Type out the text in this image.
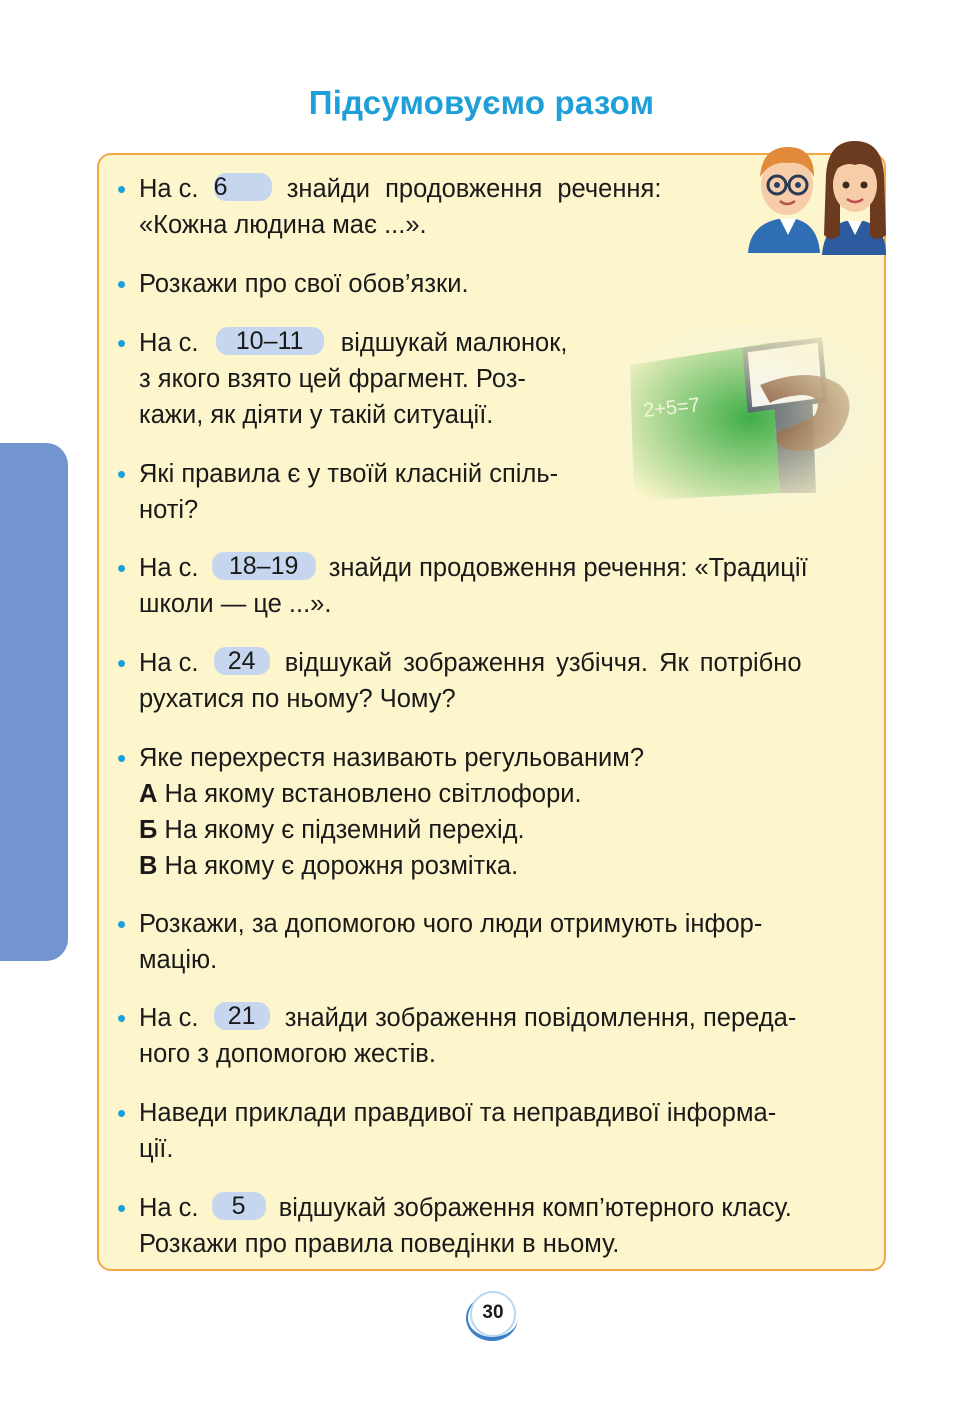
Підсумовуємо разом
• На с. 6 знайди продовження речення:
«Кожна людина має ...».
• Розкажи про свої обов’язки.
• На с. 10–11 відшукай малюнок,
з якого взято цей фрагмент. Роз-
кажи, як діяти у такій ситуації.
• Які правила є у твоїй класній спіль-
ноті?
• На с. 18–19 знайди продовження речення: «Традиції
школи — це ...».
• На с. 24 відшукай зображення узбіччя. Як потрібно
рухатися по ньому? Чому?
• Яке перехрестя називають регульованим?
А На якому встановлено світлофори.
Б На якому є підземний перехід.
В На якому є дорожня розмітка.
• Розкажи, за допомогою чого люди отримують інфор-
мацію.
• На с. 21 знайди зображення повідомлення, переда-
ного з допомогою жестів.
• Наведи приклади правдивої та неправдивої інформа-
ції.
• На с. 5 відшукай зображення комп’ютерного класу.
Розкажи про правила поведінки в ньому.
30
